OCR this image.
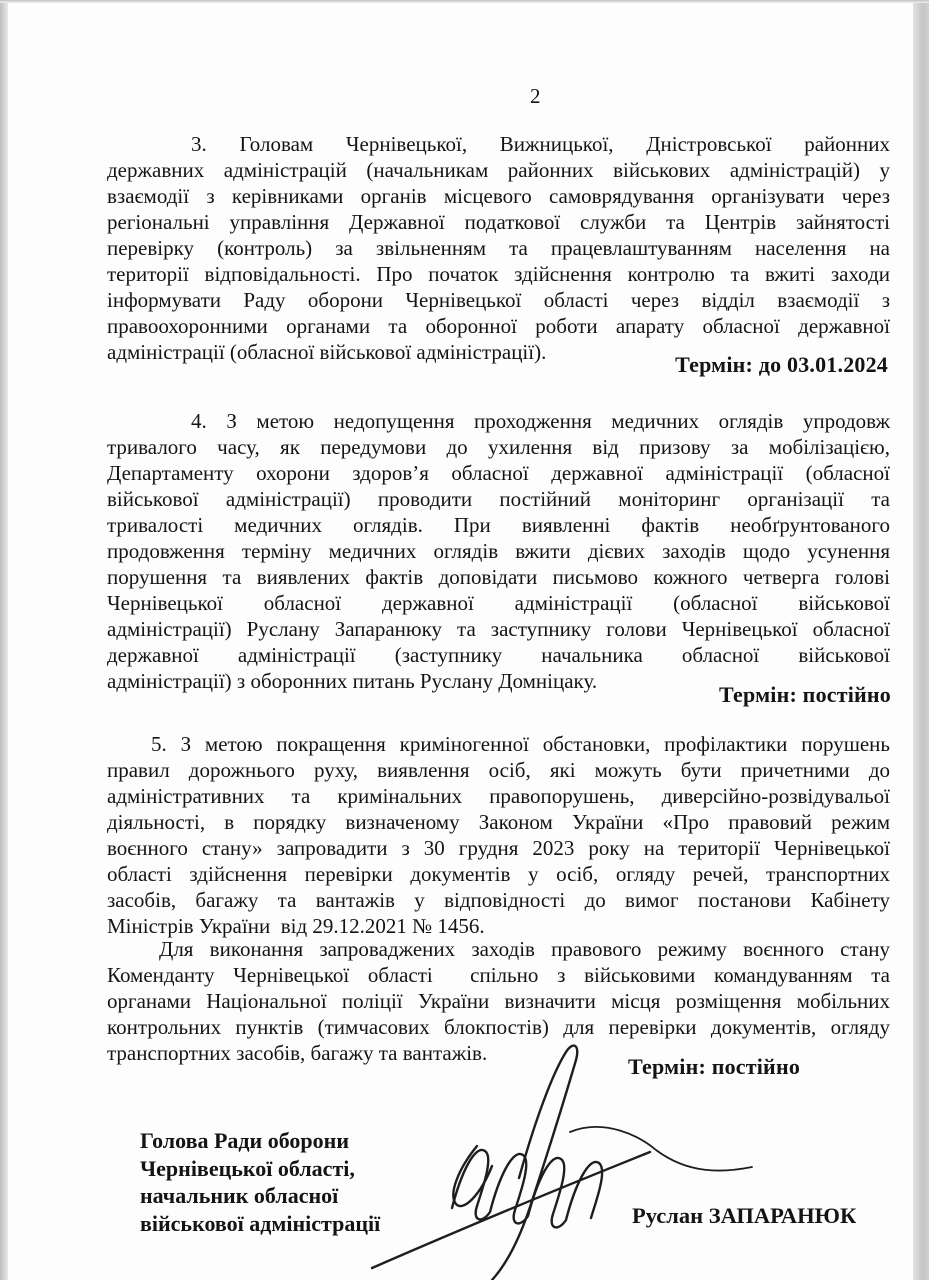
2
3. Головам Чернівецької, Вижницької, Дністровської районних
державних адміністрацій (начальникам районних військових адміністрацій) у
взаємодії з керівниками органів місцевого самоврядування організувати через
регіональні управління Державної податкової служби та Центрів зайнятості
перевірку (контроль) за звільненням та працевлаштуванням населення на
території відповідальності. Про початок здійснення контролю та вжиті заходи
інформувати Раду оборони Чернівецької області через відділ взаємодії з
правоохоронними органами та оборонної роботи апарату обласної державної
адміністрації (обласної військової адміністрації).	Термін: до 03.01.2024
4. З метою недопущення проходження медичних оглядів упродовж
тривалого часу, як передумови до ухилення від призову за мобілізацією,
Департаменту охорони здоров’я обласної державної адміністрації (обласної
військової адміністрації) проводити постійний моніторинг організації та
тривалості медичних оглядів. При виявленні фактів необґрунтованого
продовження терміну медичних оглядів вжити дієвих заходів щодо усунення
порушення та виявлених фактів доповідати письмово кожного четверга голові
Чернівецької обласної державної адміністрації (обласної військової
адміністрації) Руслану Запаранюку та заступнику голови Чернівецької обласної
державної адміністрації (заступнику начальника обласної військової
адміністрації) з оборонних питань Руслану Домніцаку.
Термін: постійно
5. З метою покращення криміногенної обстановки, профілактики порушень
правил дорожнього руху, виявлення осіб, які можуть бути причетними до
адміністративних та кримінальних правопорушень, диверсійно-розвідувальої
діяльності, в порядку визначеному Законом України «Про правовий режим
воєнного стану» запровадити з 30 грудня 2023 року на території Чернівецької
області здійснення перевірки документів у осіб, огляду речей, транспортних
засобів, багажу та вантажів у відповідності до вимог постанови Кабінету
Міністрів України  від 29.12.2021 № 1456.
Для виконання запроваджених заходів правового режиму воєнного стану
Коменданту Чернівецької області  спільно з військовими командуванням та
органами Національної поліції України визначити місця розміщення мобільних
контрольних пунктів (тимчасових блокпостів) для перевірки документів, огляду
транспортних засобів, багажу та вантажів.
Термін: постійно
Голова Ради оборони
Чернівецької області,
начальник обласної
військової адміністрації	Руслан ЗАПАРАНЮК
